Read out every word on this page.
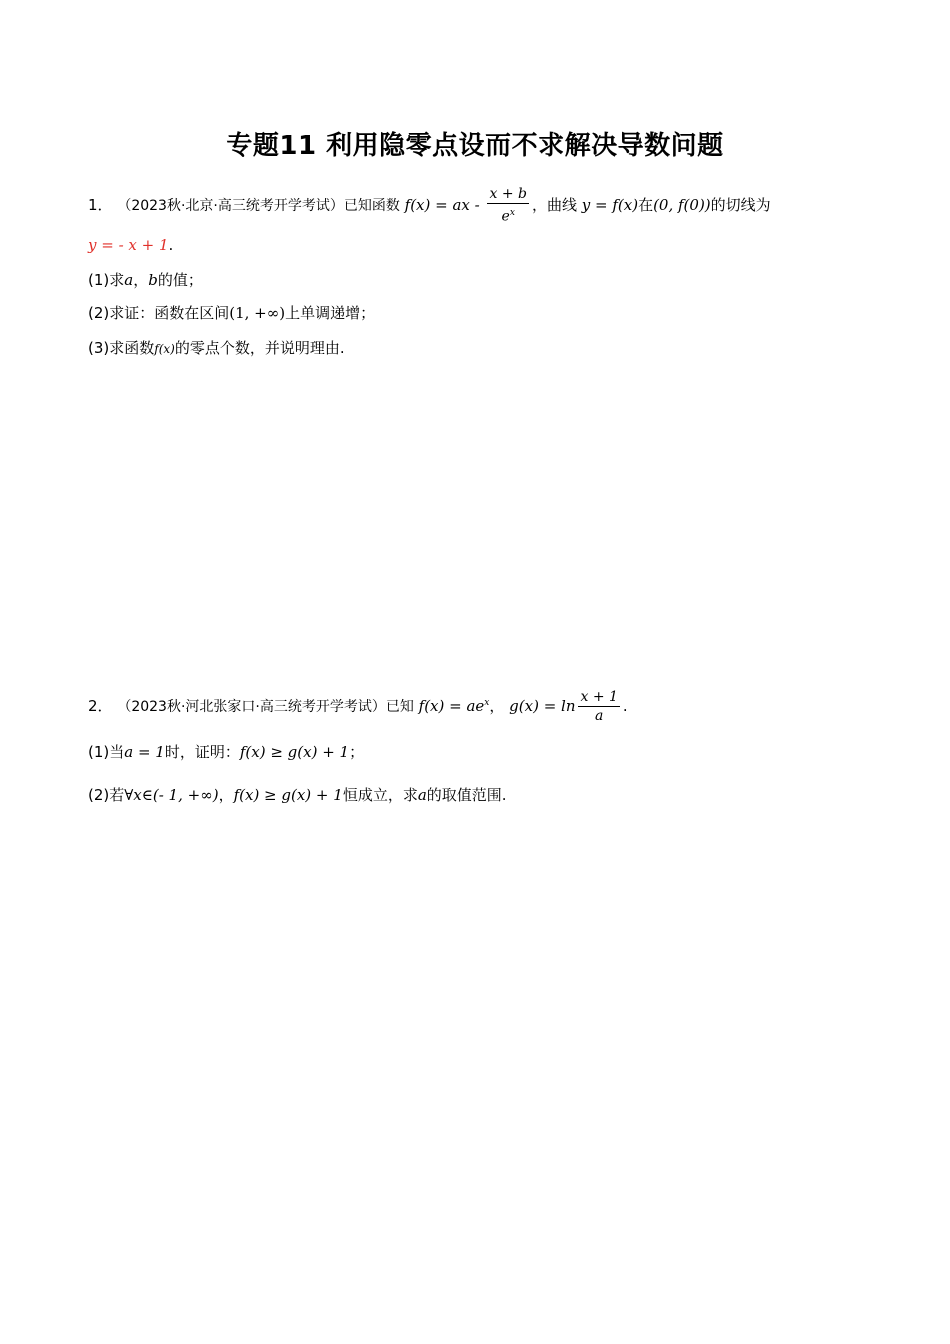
专题11 利用隐零点设而不求解决导数问题
1． （2023秋·北京·高三统考开学考试）已知函数 f(x) = ax - $\frac{x + b}{e^x}$ ，曲线 y = f(x)在(0, f(0))的切线为
y = - x + 1.
(1)求a，b的值；
(2)求证：函数在区间(1, +∞)上单调递增；
(3)求函数f(x)的零点个数，并说明理由.
2． （2023秋·河北张家口·高三统考开学考试）已知 $f(x) = ae^x$， $g(x) = \ln \frac{x + 1}{a}$ .
(1)当a = 1时，证明：f(x) ≥ g(x) + 1；
(2)若∀x∈(- 1, +∞)，f(x) ≥ g(x) + 1恒成立，求a的取值范围.
